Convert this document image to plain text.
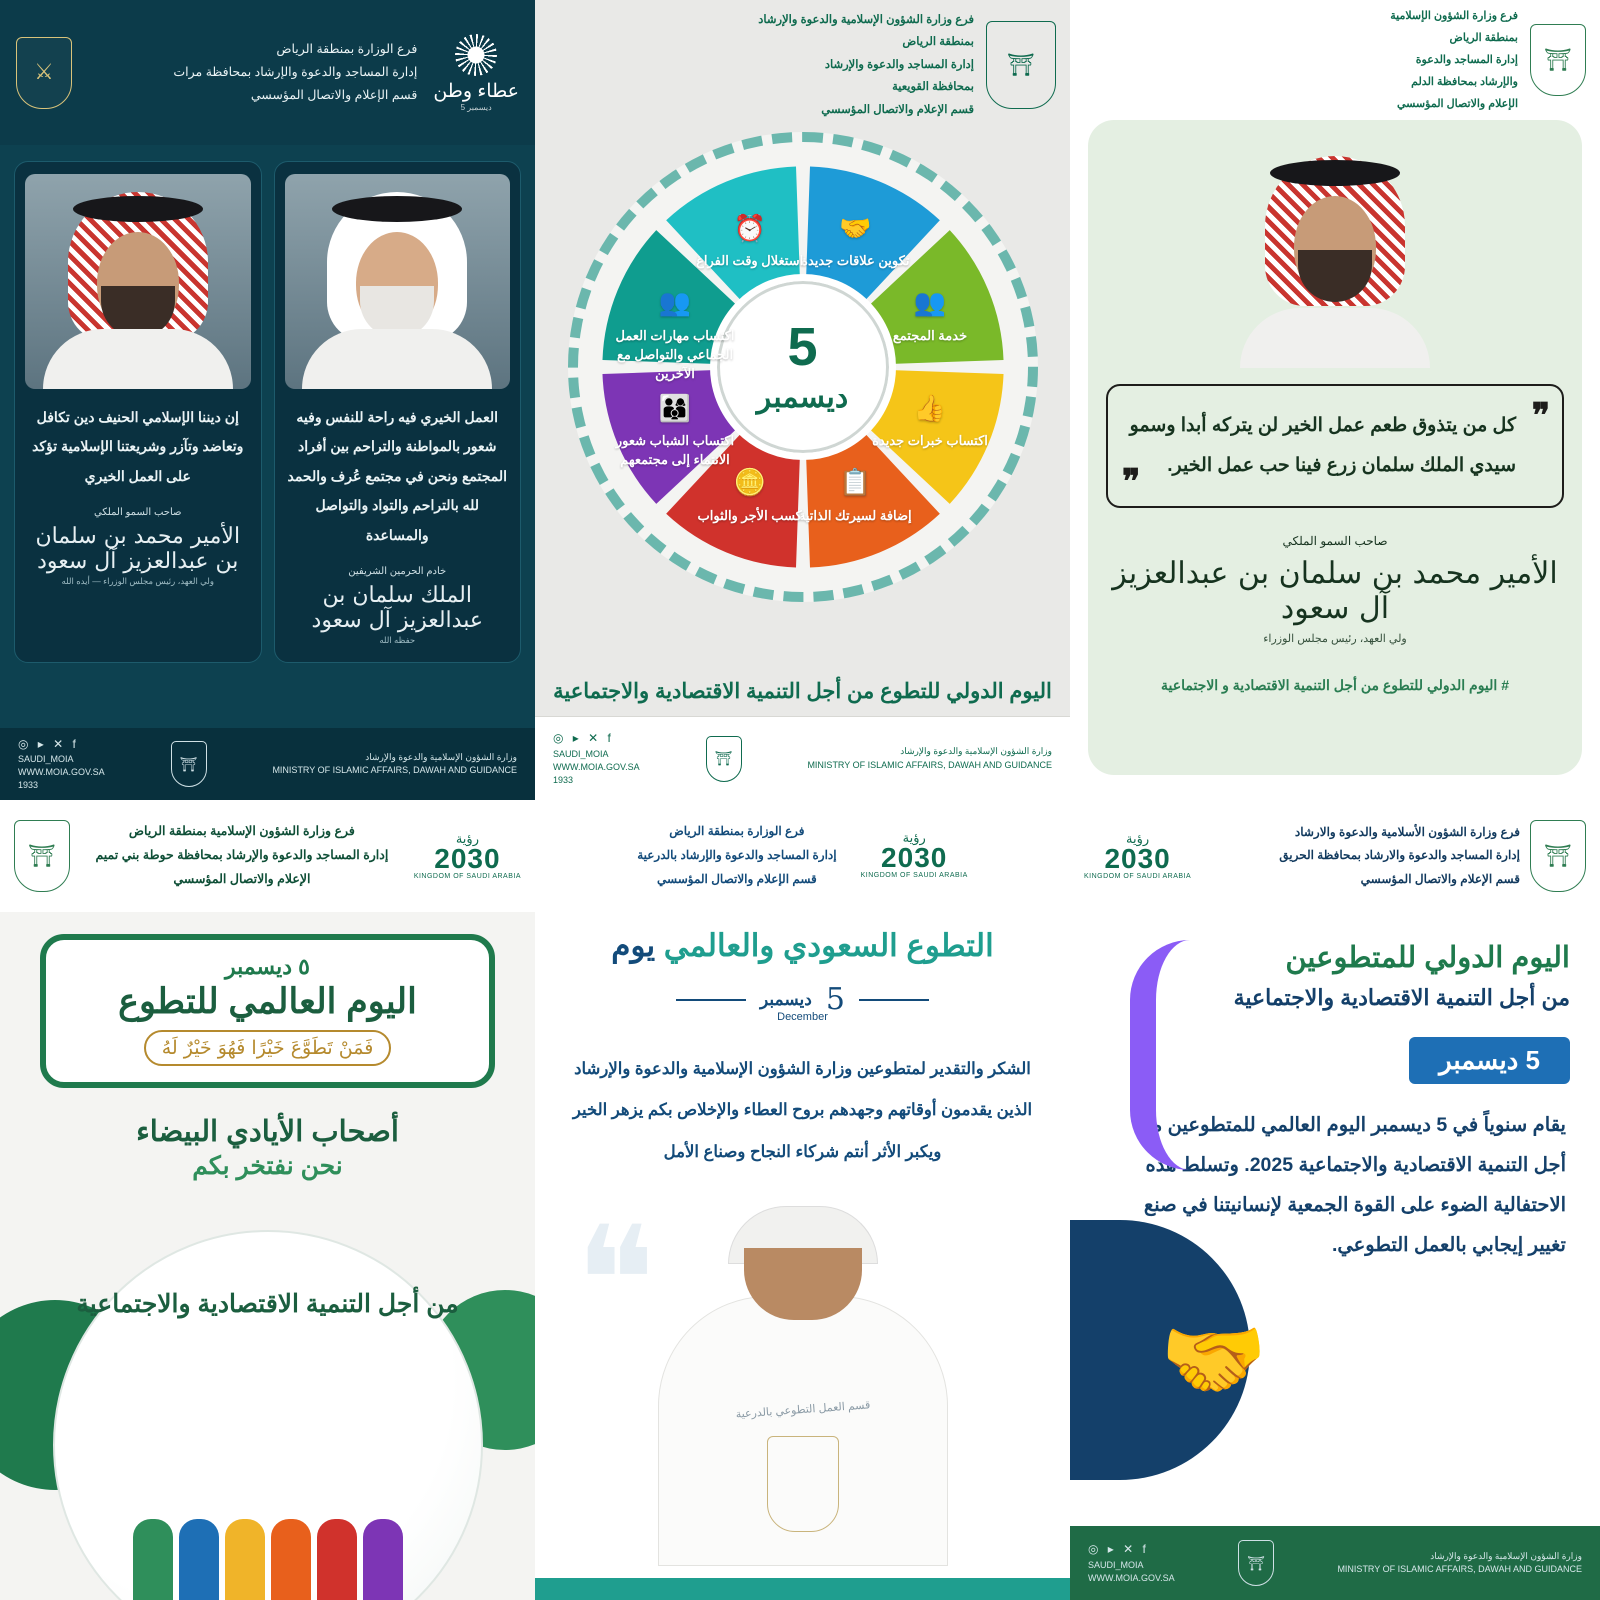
⚔
فرع الوزارة بمنطقة الرياض
إدارة المساجد والدعوة والإرشاد بمحافظة مرات
قسم الإعلام والاتصال المؤسسي عطاء وطن
5 ديسمبر
إن ديننا الإسلامي الحنيف دين تكافل وتعاضد وتآزر وشريعتنا الإسلامية تؤكد على العمل الخيري
صاحب السمو الملكي
الأمير محمد بن سلمان بن عبدالعزيز آل سعود
ولي العهد، رئيس مجلس الوزراء — أيده الله
العمل الخيري فيه راحة للنفس وفيه شعور بالمواطنة والتراحم بين أفراد المجتمع ونحن في مجتمع عُرف والحمد لله بالتراحم والتواد والتواصل والمساعدة
خادم الحرمين الشريفين
الملك سلمان بن عبدالعزيز آل سعود
حفظه الله
◎ ▸ ✕ f
SAUDI_MOIA
WWW.MOIA.GOV.SA
1933
⛩	وزارة الشؤون الإسلامية والدعوة والإرشاد
MINISTRY OF ISLAMIC AFFAIRS, DAWAH AND GUIDANCE
فرع وزارة الشؤون الإسلامية والدعوة والإرشاد
بمنطقة الرياض
إدارة المساجد والدعوة والإرشاد
بمحافظة القويعية
قسم الإعلام والاتصال المؤسسي
⛩
5
ديسمبر
🤝
تكوين علاقات جديدة
👥
خدمة المجتمع
👍
اكتساب خبرات جديدة
📋
إضافة لسيرتك الذاتية
🪙
كسب الأجر والثواب
👨‍👩‍👦
اكتساب الشباب شعور الانتماء إلى مجتمعهم
👥
اكتساب مهارات العمل الجماعي والتواصل مع الآخرين
⏰
استغلال وقت الفراغ
اليوم الدولي للتطوع من أجل التنمية الاقتصادية والاجتماعية
◎ ▸ ✕ f
SAUDI_MOIA
WWW.MOIA.GOV.SA
1933
⛩	وزارة الشؤون الإسلامية والدعوة والإرشاد
MINISTRY OF ISLAMIC AFFAIRS, DAWAH AND GUIDANCE
فرع وزارة الشؤون الإسلامية
بمنطقة الرياض
إدارة المساجد والدعوة
والإرشاد بمحافظة الدلم
الإعلام والاتصال المؤسسي
⛩
❞

كل من يتذوق طعم عمل الخير لن يتركه أبدا وسمو سيدي الملك سلمان زرع فينا حب عمل الخير.

❞
صاحب السمو الملكي
الأمير محمد بن سلمان بن عبدالعزيز آل سعود
ولي العهد، رئيس مجلس الوزراء
# اليوم الدولي للتطوع من أجل التنمية الاقتصادية و الاجتماعية
⛩
فرع وزارة الشؤون الإسلامية بمنطقة الرياض
إدارة المساجد والدعوة والإرشاد بمحافظة حوطة بني تميم
الإعلام والاتصال المؤسسي
رؤية
2030
KINGDOM OF SAUDI ARABIA
٥ ديسمبر
اليوم العالمي للتطوع
فَمَنْ تَطَوَّعَ خَيْرًا فَهُوَ خَيْرٌ لَهُ
أصحاب الأيادي البيضاء
نحن نفتخر بكم
من أجل التنمية الاقتصادية والاجتماعية
فرع الوزارة بمنطقة الرياض
إدارة المساجد والدعوة والإرشاد بالدرعية
قسم الإعلام والاتصال المؤسسي
رؤية
2030
KINGDOM OF SAUDI ARABIA
التطوع السعودي والعالمي يوم
ديسمبر 5
December
❝
الشكر والتقدير لمتطوعين وزارة الشؤون الإسلامية والدعوة والإرشاد الذين يقدمون أوقاتهم وجهدهم بروح العطاء والإخلاص بكم يزهر الخير ويكبر الأثر أنتم شركاء النجاح وصناع الأمل
قسم العمل التطوعي بالدرعية
رؤية
2030
KINGDOM OF SAUDI ARABIA
فرع وزارة الشؤون الأسلامية والدعوة والارشاد
إدارة المساجد والدعوة والارشاد بمحافظة الحريق
قسم الإعلام والاتصال المؤسسي
⛩
اليوم الدولي للمتطوعين
من أجل التنمية الاقتصادية والاجتماعية
5 ديسمبر
يقام سنوياً في 5 ديسمبر اليوم العالمي للمتطوعين من أجل التنمية الاقتصادية والاجتماعية 2025. وتسلط هذه الاحتفالية الضوء على القوة الجمعية لإنسانيتنا في صنع تغيير إيجابي بالعمل التطوعي.
🤝
◎ ▸ ✕ f
SAUDI_MOIA
WWW.MOIA.GOV.SA
⛩	وزارة الشؤون الإسلامية والدعوة والإرشاد
MINISTRY OF ISLAMIC AFFAIRS, DAWAH AND GUIDANCE
